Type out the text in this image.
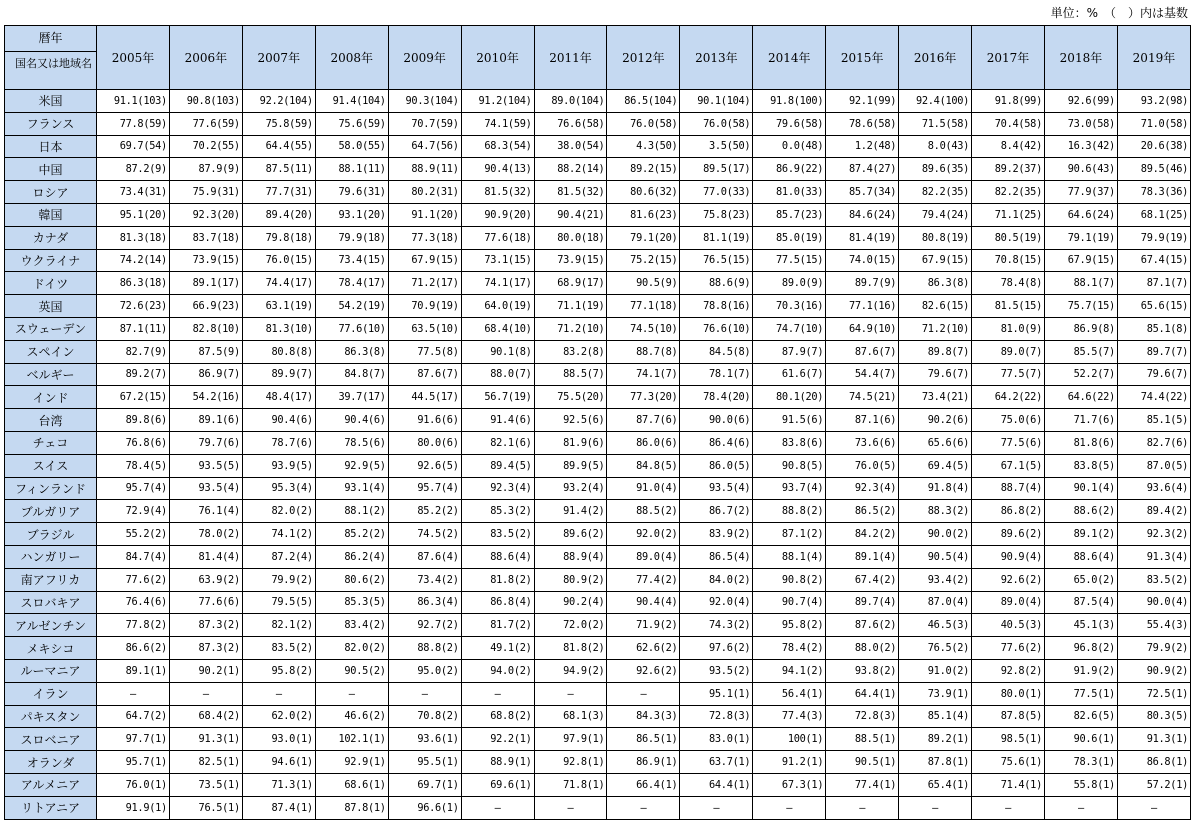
単位：%　（　）内は基数
暦年
国名又は地域名	2005年	2006年	2007年	2008年	2009年	2010年	2011年	2012年	2013年	2014年	2015年	2016年	2017年	2018年	2019年
米国	91.1(103)	90.8(103)	92.2(104)	91.4(104)	90.3(104)	91.2(104)	89.0(104)	86.5(104)	90.1(104)	91.8(100)	92.1(99)	92.4(100)	91.8(99)	92.6(99)	93.2(98)
フランス	77.8(59)	77.6(59)	75.8(59)	75.6(59)	70.7(59)	74.1(59)	76.6(58)	76.0(58)	76.0(58)	79.6(58)	78.6(58)	71.5(58)	70.4(58)	73.0(58)	71.0(58)
日本	69.7(54)	70.2(55)	64.4(55)	58.0(55)	64.7(56)	68.3(54)	38.0(54)	4.3(50)	3.5(50)	0.0(48)	1.2(48)	8.0(43)	8.4(42)	16.3(42)	20.6(38)
中国	87.2(9)	87.9(9)	87.5(11)	88.1(11)	88.9(11)	90.4(13)	88.2(14)	89.2(15)	89.5(17)	86.9(22)	87.4(27)	89.6(35)	89.2(37)	90.6(43)	89.5(46)
ロシア	73.4(31)	75.9(31)	77.7(31)	79.6(31)	80.2(31)	81.5(32)	81.5(32)	80.6(32)	77.0(33)	81.0(33)	85.7(34)	82.2(35)	82.2(35)	77.9(37)	78.3(36)
韓国	95.1(20)	92.3(20)	89.4(20)	93.1(20)	91.1(20)	90.9(20)	90.4(21)	81.6(23)	75.8(23)	85.7(23)	84.6(24)	79.4(24)	71.1(25)	64.6(24)	68.1(25)
カナダ	81.3(18)	83.7(18)	79.8(18)	79.9(18)	77.3(18)	77.6(18)	80.0(18)	79.1(20)	81.1(19)	85.0(19)	81.4(19)	80.8(19)	80.5(19)	79.1(19)	79.9(19)
ウクライナ	74.2(14)	73.9(15)	76.0(15)	73.4(15)	67.9(15)	73.1(15)	73.9(15)	75.2(15)	76.5(15)	77.5(15)	74.0(15)	67.9(15)	70.8(15)	67.9(15)	67.4(15)
ドイツ	86.3(18)	89.1(17)	74.4(17)	78.4(17)	71.2(17)	74.1(17)	68.9(17)	90.5(9)	88.6(9)	89.0(9)	89.7(9)	86.3(8)	78.4(8)	88.1(7)	87.1(7)
英国	72.6(23)	66.9(23)	63.1(19)	54.2(19)	70.9(19)	64.0(19)	71.1(19)	77.1(18)	78.8(16)	70.3(16)	77.1(16)	82.6(15)	81.5(15)	75.7(15)	65.6(15)
スウェーデン	87.1(11)	82.8(10)	81.3(10)	77.6(10)	63.5(10)	68.4(10)	71.2(10)	74.5(10)	76.6(10)	74.7(10)	64.9(10)	71.2(10)	81.0(9)	86.9(8)	85.1(8)
スペイン	82.7(9)	87.5(9)	80.8(8)	86.3(8)	77.5(8)	90.1(8)	83.2(8)	88.7(8)	84.5(8)	87.9(7)	87.6(7)	89.8(7)	89.0(7)	85.5(7)	89.7(7)
ベルギー	89.2(7)	86.9(7)	89.9(7)	84.8(7)	87.6(7)	88.0(7)	88.5(7)	74.1(7)	78.1(7)	61.6(7)	54.4(7)	79.6(7)	77.5(7)	52.2(7)	79.6(7)
インド	67.2(15)	54.2(16)	48.4(17)	39.7(17)	44.5(17)	56.7(19)	75.5(20)	77.3(20)	78.4(20)	80.1(20)	74.5(21)	73.4(21)	64.2(22)	64.6(22)	74.4(22)
台湾	89.8(6)	89.1(6)	90.4(6)	90.4(6)	91.6(6)	91.4(6)	92.5(6)	87.7(6)	90.0(6)	91.5(6)	87.1(6)	90.2(6)	75.0(6)	71.7(6)	85.1(5)
チェコ	76.8(6)	79.7(6)	78.7(6)	78.5(6)	80.0(6)	82.1(6)	81.9(6)	86.0(6)	86.4(6)	83.8(6)	73.6(6)	65.6(6)	77.5(6)	81.8(6)	82.7(6)
スイス	78.4(5)	93.5(5)	93.9(5)	92.9(5)	92.6(5)	89.4(5)	89.9(5)	84.8(5)	86.0(5)	90.8(5)	76.0(5)	69.4(5)	67.1(5)	83.8(5)	87.0(5)
フィンランド	95.7(4)	93.5(4)	95.3(4)	93.1(4)	95.7(4)	92.3(4)	93.2(4)	91.0(4)	93.5(4)	93.7(4)	92.3(4)	91.8(4)	88.7(4)	90.1(4)	93.6(4)
ブルガリア	72.9(4)	76.1(4)	82.0(2)	88.1(2)	85.2(2)	85.3(2)	91.4(2)	88.5(2)	86.7(2)	88.8(2)	86.5(2)	88.3(2)	86.8(2)	88.6(2)	89.4(2)
ブラジル	55.2(2)	78.0(2)	74.1(2)	85.2(2)	74.5(2)	83.5(2)	89.6(2)	92.0(2)	83.9(2)	87.1(2)	84.2(2)	90.0(2)	89.6(2)	89.1(2)	92.3(2)
ハンガリー	84.7(4)	81.4(4)	87.2(4)	86.2(4)	87.6(4)	88.6(4)	88.9(4)	89.0(4)	86.5(4)	88.1(4)	89.1(4)	90.5(4)	90.9(4)	88.6(4)	91.3(4)
南アフリカ	77.6(2)	63.9(2)	79.9(2)	80.6(2)	73.4(2)	81.8(2)	80.9(2)	77.4(2)	84.0(2)	90.8(2)	67.4(2)	93.4(2)	92.6(2)	65.0(2)	83.5(2)
スロバキア	76.4(6)	77.6(6)	79.5(5)	85.3(5)	86.3(4)	86.8(4)	90.2(4)	90.4(4)	92.0(4)	90.7(4)	89.7(4)	87.0(4)	89.0(4)	87.5(4)	90.0(4)
アルゼンチン	77.8(2)	87.3(2)	82.1(2)	83.4(2)	92.7(2)	81.7(2)	72.0(2)	71.9(2)	74.3(2)	95.8(2)	87.6(2)	46.5(3)	40.5(3)	45.1(3)	55.4(3)
メキシコ	86.6(2)	87.3(2)	83.5(2)	82.0(2)	88.8(2)	49.1(2)	81.8(2)	62.6(2)	97.6(2)	78.4(2)	88.0(2)	76.5(2)	77.6(2)	96.8(2)	79.9(2)
ルーマニア	89.1(1)	90.2(1)	95.8(2)	90.5(2)	95.0(2)	94.0(2)	94.9(2)	92.6(2)	93.5(2)	94.1(2)	93.8(2)	91.0(2)	92.8(2)	91.9(2)	90.9(2)
イラン	—	—	—	—	—	—	—	—	95.1(1)	56.4(1)	64.4(1)	73.9(1)	80.0(1)	77.5(1)	72.5(1)
パキスタン	64.7(2)	68.4(2)	62.0(2)	46.6(2)	70.8(2)	68.8(2)	68.1(3)	84.3(3)	72.8(3)	77.4(3)	72.8(3)	85.1(4)	87.8(5)	82.6(5)	80.3(5)
スロベニア	97.7(1)	91.3(1)	93.0(1)	102.1(1)	93.6(1)	92.2(1)	97.9(1)	86.5(1)	83.0(1)	100(1)	88.5(1)	89.2(1)	98.5(1)	90.6(1)	91.3(1)
オランダ	95.7(1)	82.5(1)	94.6(1)	92.9(1)	95.5(1)	88.9(1)	92.8(1)	86.9(1)	63.7(1)	91.2(1)	90.5(1)	87.8(1)	75.6(1)	78.3(1)	86.8(1)
アルメニア	76.0(1)	73.5(1)	71.3(1)	68.6(1)	69.7(1)	69.6(1)	71.8(1)	66.4(1)	64.4(1)	67.3(1)	77.4(1)	65.4(1)	71.4(1)	55.8(1)	57.2(1)
リトアニア	91.9(1)	76.5(1)	87.4(1)	87.8(1)	96.6(1)	—	—	—	—	—	—	—	—	—	—
